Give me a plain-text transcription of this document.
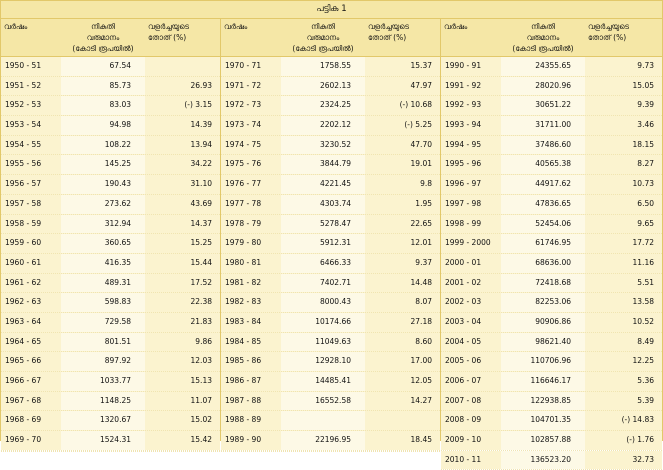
പട്ടിക 1
വർഷം	നികുതി
വരുമാനം
(കോടി രൂപയിൽ)
വളർച്ചയുടെ
തോത് (%)
1950 - 51	67.54
1951 - 52	85.73	26.93
1952 - 53	83.03	(-) 3.15
1953 - 54	94.98	14.39
1954 - 55	108.22	13.94
1955 - 56	145.25	34.22
1956 - 57	190.43	31.10
1957 - 58	273.62	43.69
1958 - 59	312.94	14.37
1959 - 60	360.65	15.25
1960 - 61	416.35	15.44
1961 - 62	489.31	17.52
1962 - 63	598.83	22.38
1963 - 64	729.58	21.83
1964 - 65	801.51	9.86
1965 - 66	897.92	12.03
1966 - 67	1033.77	15.13
1967 - 68	1148.25	11.07
1968 - 69	1320.67	15.02
1969 - 70	1524.31	15.42
വർഷം	നികുതി
വരുമാനം
(കോടി രൂപയിൽ)
വളർച്ചയുടെ
തോത് (%)
1970 - 71	1758.55	15.37
1971 - 72	2602.13	47.97
1972 - 73	2324.25	(-) 10.68
1973 - 74	2202.12	(-) 5.25
1974 - 75	3230.52	47.70
1975 - 76	3844.79	19.01
1976 - 77	4221.45	9.8
1977 - 78	4303.74	1.95
1978 - 79	5278.47	22.65
1979 - 80	5912.31	12.01
1980 - 81	6466.33	9.37
1981 - 82	7402.71	14.48
1982 - 83	8000.43	8.07
1983 - 84	10174.66	27.18
1984 - 85	11049.63	8.60
1985 - 86	12928.10	17.00
1986 - 87	14485.41	12.05
1987 - 88	16552.58	14.27
1988 - 89
1989 - 90	22196.95	18.45
വർഷം	നികുതി
വരുമാനം
(കോടി രൂപയിൽ)
വളർച്ചയുടെ
തോത് (%)
1990 - 91	24355.65	9.73
1991 - 92	28020.96	15.05
1992 - 93	30651.22	9.39
1993 - 94	31711.00	3.46
1994 - 95	37486.60	18.15
1995 - 96	40565.38	8.27
1996 - 97	44917.62	10.73
1997 - 98	47836.65	6.50
1998 - 99	52454.06	9.65
1999 - 2000	61746.95	17.72
2000 - 01	68636.00	11.16
2001 - 02	72418.68	5.51
2002 - 03	82253.06	13.58
2003 - 04	90906.86	10.52
2004 - 05	98621.40	8.49
2005 - 06	110706.96	12.25
2006 - 07	116646.17	5.36
2007 - 08	122938.85	5.39
2008 - 09	104701.35	(-) 14.83
2009 - 10	102857.88	(-) 1.76
2010 - 11	136523.20	32.73
